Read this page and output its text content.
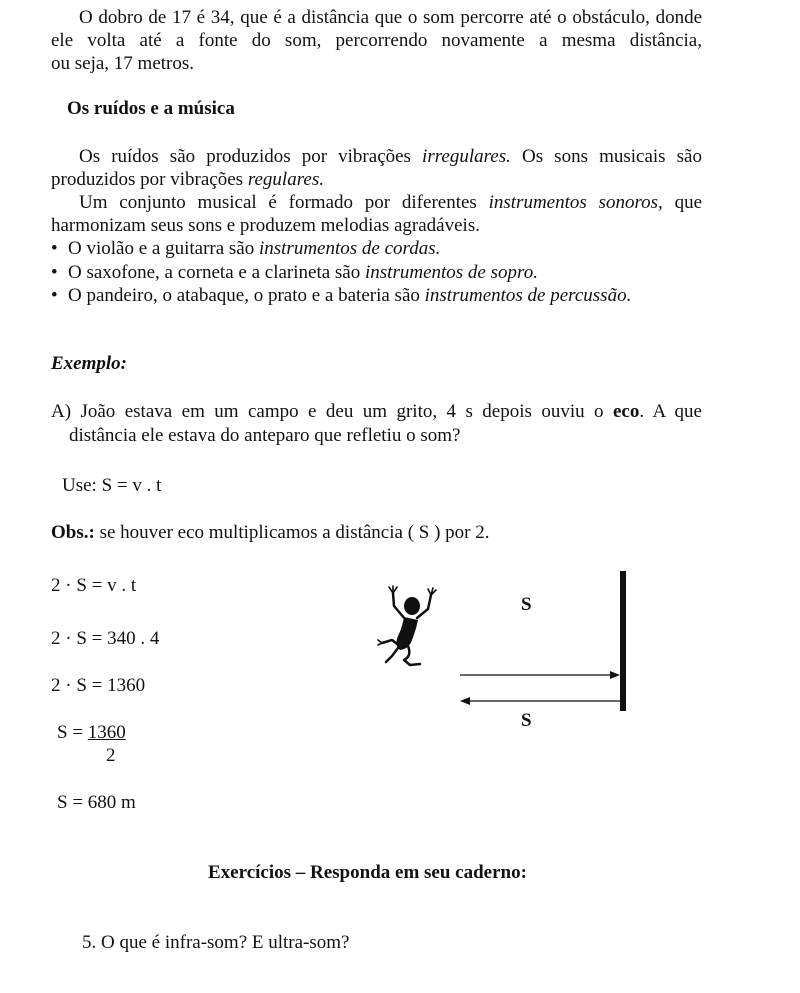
O dobro de 17 é 34, que é a distância que o som percorre até o obstáculo, donde ele volta até a fonte do som, percorrendo novamente a mesma distância,
ou seja, 17 metros.
Os ruídos e a música
Os ruídos são produzidos por vibrações irregulares. Os sons musicais são
produzidos por vibrações regulares.
Um conjunto musical é formado por diferentes instrumentos sonoros, que
harmonizam seus sons e produzem melodias agradáveis.
• O violão e a guitarra são instrumentos de cordas.
• O saxofone, a corneta e a clarineta são instrumentos de sopro.
• O pandeiro, o atabaque, o prato e a bateria são instrumentos de percussão.
Exemplo:
A) João estava em um campo e deu um grito, 4 s depois ouviu o eco. A que
distância ele estava do anteparo que refletiu o som?
Use: S = v . t
Obs.: se houver eco multiplicamos a distância ( S ) por 2.
2 · S = v . t
2 · S = 340 . 4
2 · S = 1360
S = 1360
2
S = 680 m
S
S
Exercícios – Responda em seu caderno:
5. O que é infra-som? E ultra-som?
